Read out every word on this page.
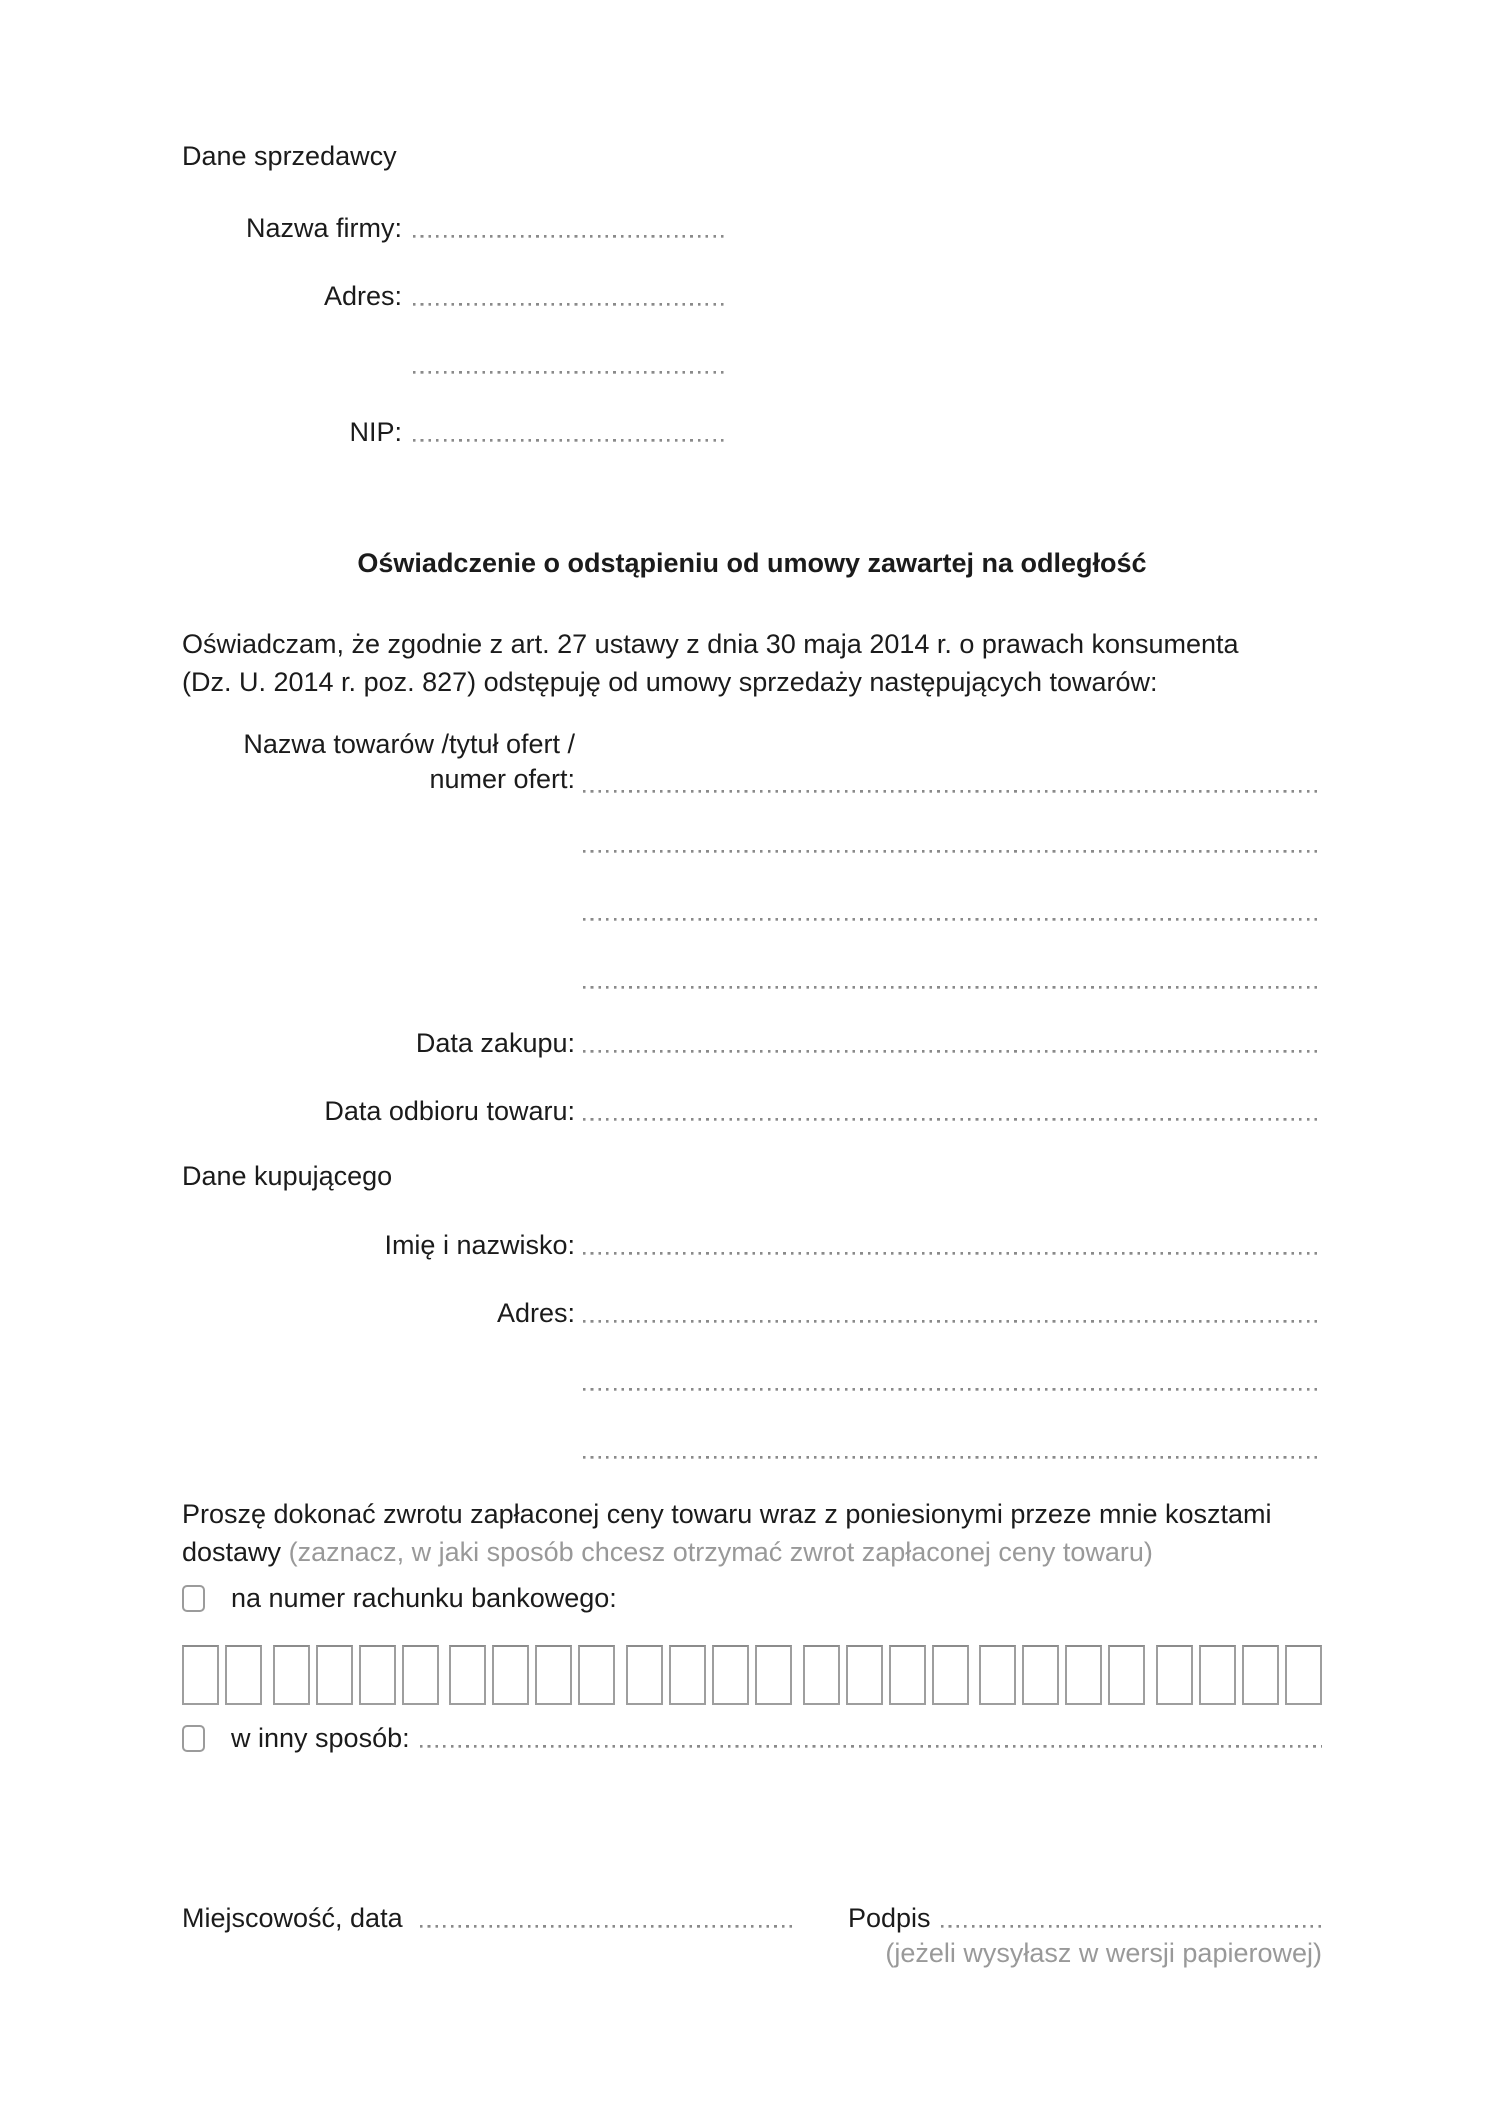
Dane sprzedawcy
Nazwa firmy:
Adres:
NIP:
Oświadczenie o odstąpieniu od umowy zawartej na odległość
Oświadczam, że zgodnie z art. 27 ustawy z dnia 30 maja 2014 r. o prawach konsumenta
(Dz. U. 2014 r. poz. 827) odstępuję od umowy sprzedaży następujących towarów:
Nazwa towarów /tytuł ofert /
numer ofert:
Data zakupu:
Data odbioru towaru:
Dane kupującego
Imię i nazwisko:
Adres:
Proszę dokonać zwrotu zapłaconej ceny towaru wraz z poniesionymi przeze mnie kosztami
dostawy (zaznacz, w jaki sposób chcesz otrzymać zwrot zapłaconej ceny towaru)
na numer rachunku bankowego:
w inny sposób:
Miejscowość, data	Podpis
(jeżeli wysyłasz w wersji papierowej)
